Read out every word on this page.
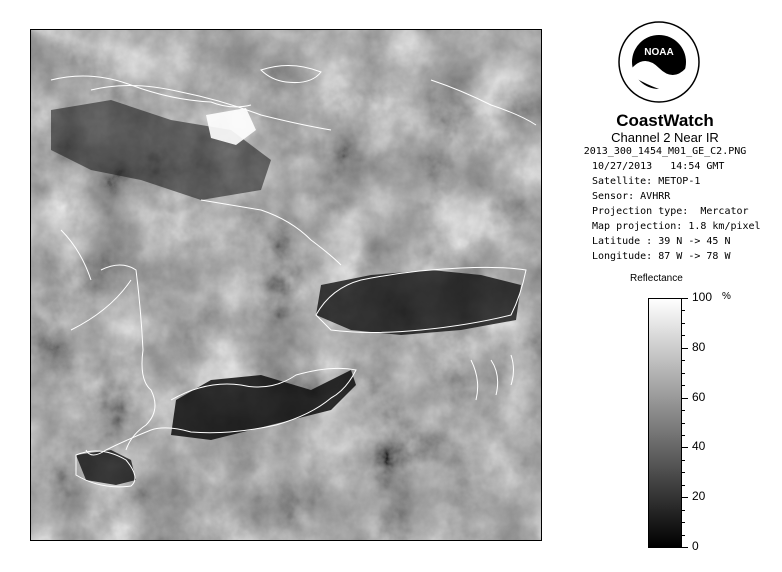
NOAA
CoastWatch
Channel 2 Near IR
2013_300_1454_M01_GE_C2.PNG
10/27/2013   14:54 GMT
Satellite: METOP-1
Sensor: AVHRR
Projection type:  Mercator
Map projection: 1.8 km/pixel
Latitude : 39 N -> 45 N
Longitude: 87 W -> 78 W
Reflectance
%
100
80
60
40
20
0
